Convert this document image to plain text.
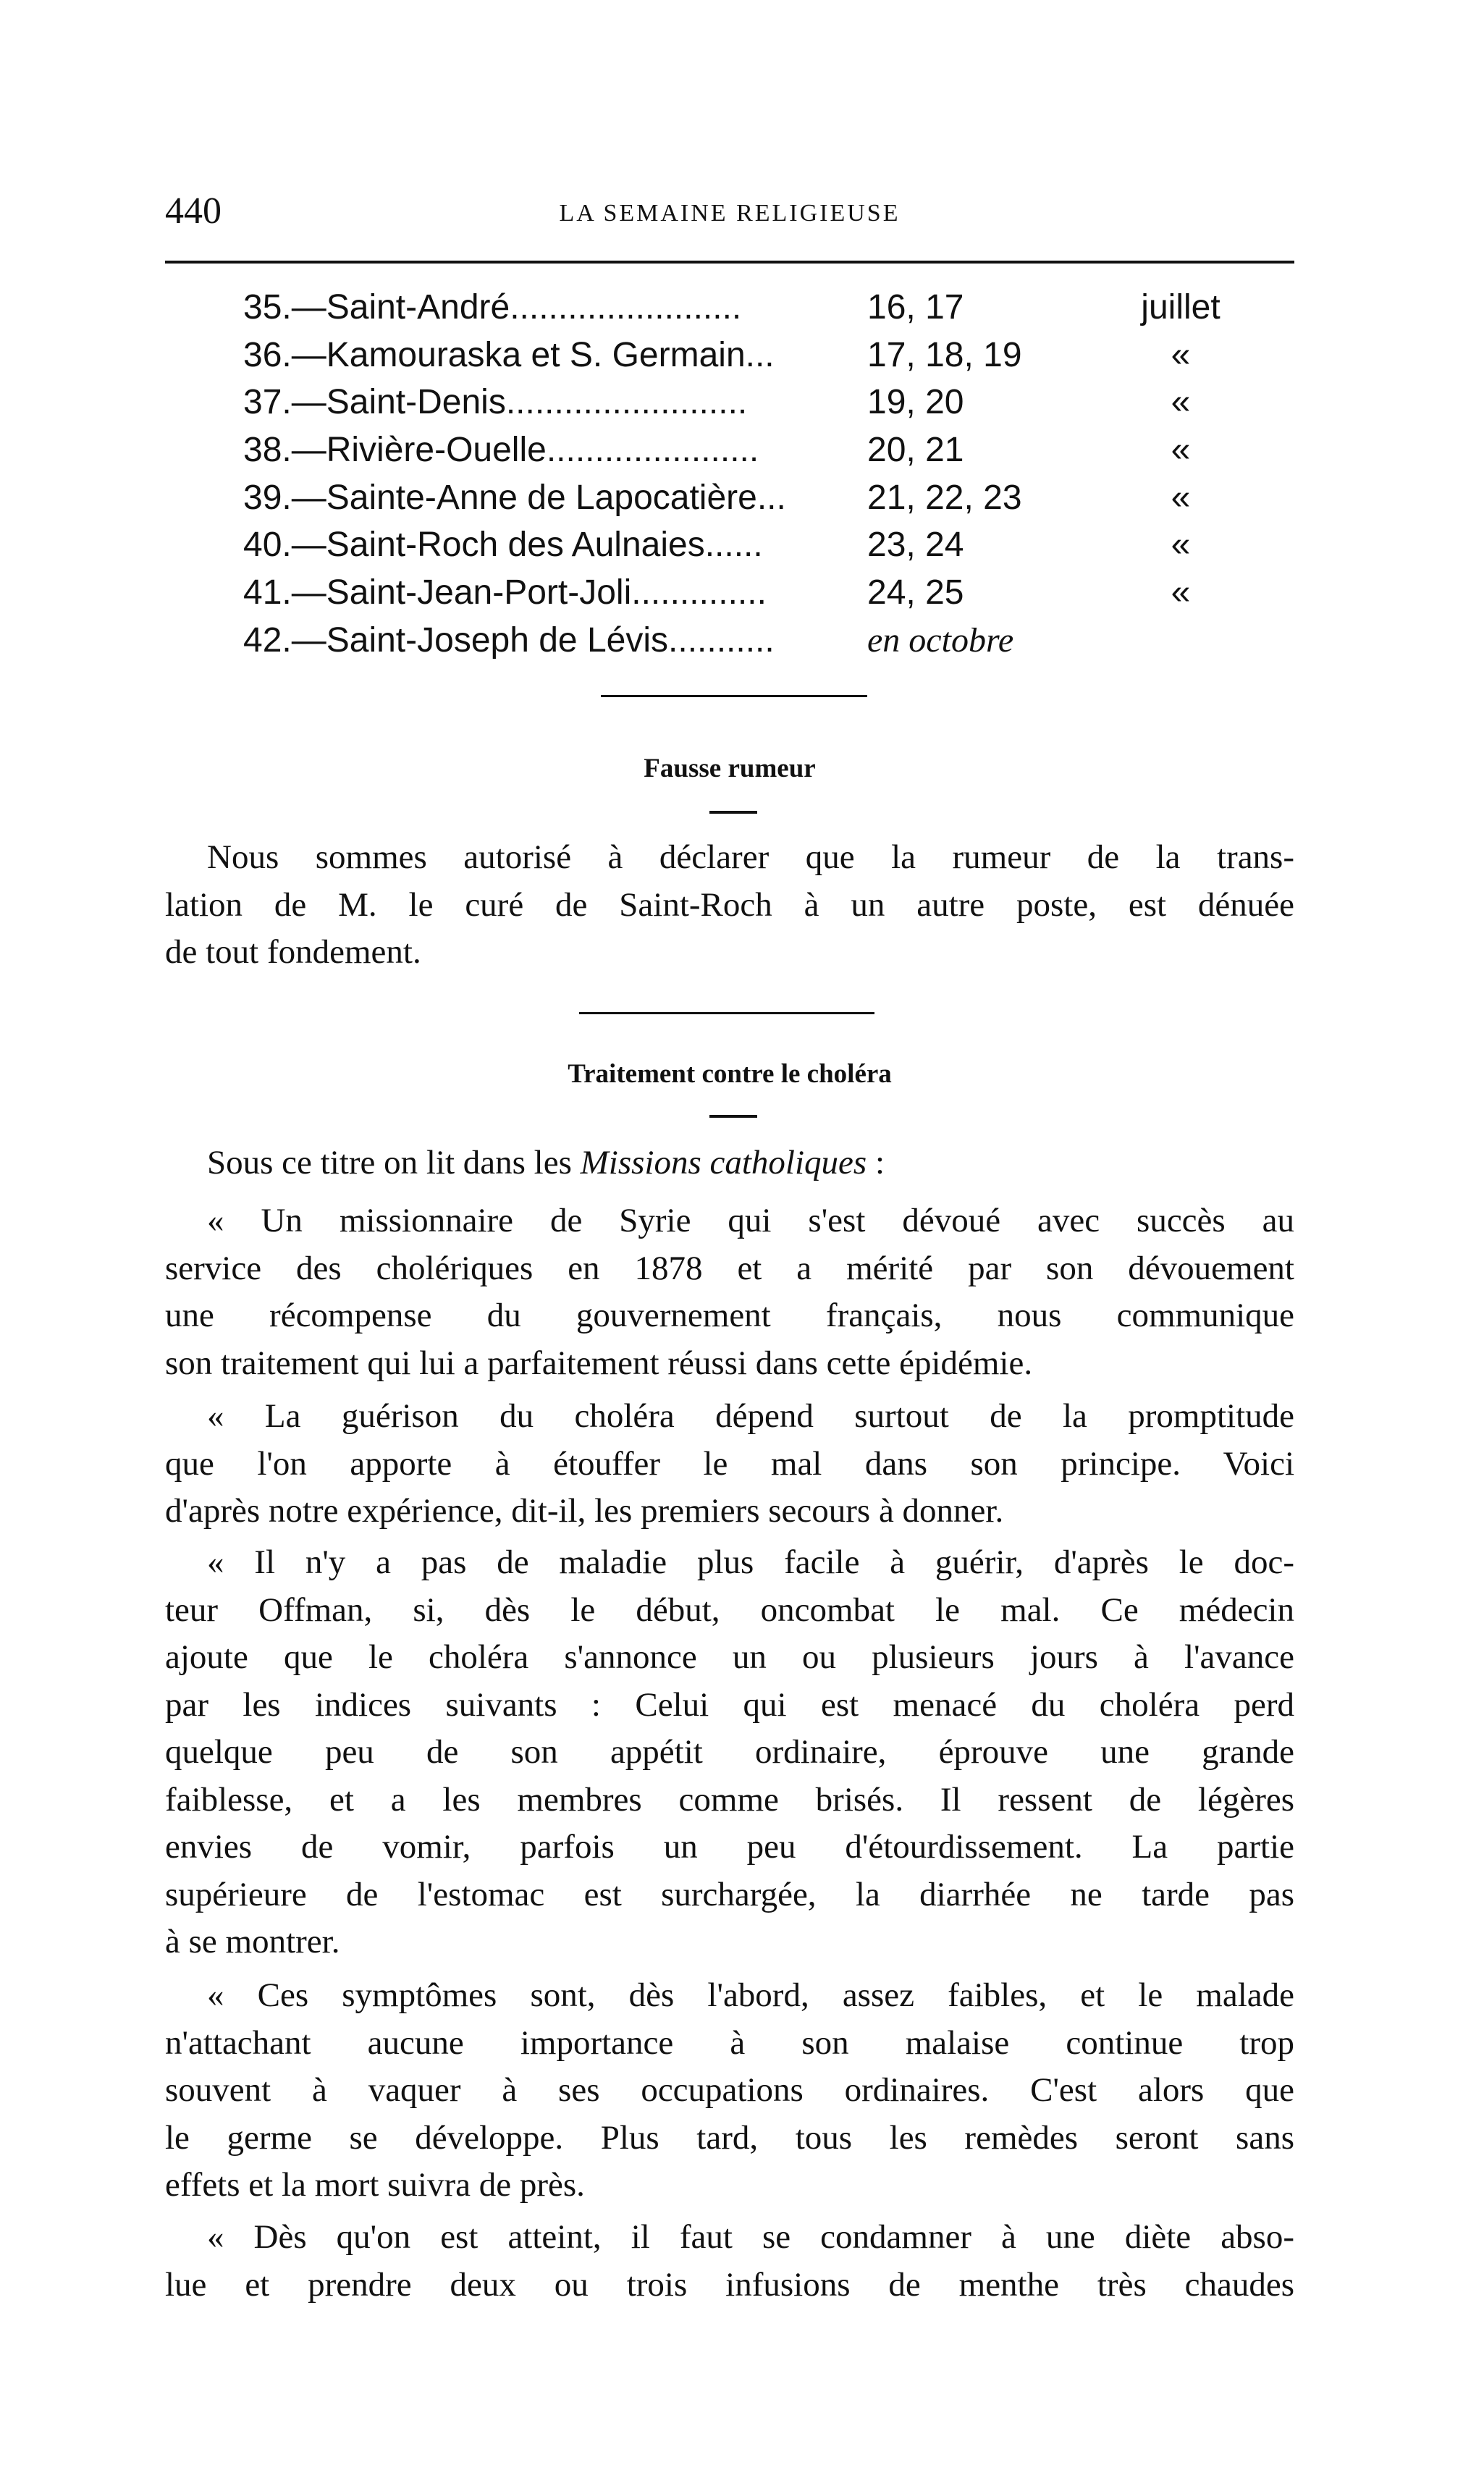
440	LA SEMAINE RELIGIEUSE
35.—Saint-André........................	16, 17	juillet
36.—Kamouraska et S. Germain...	17, 18, 19	«
37.—Saint-Denis.........................	19, 20	«
38.—Rivière-Ouelle......................	20, 21	«
39.—Sainte-Anne de Lapocatière... 21, 22, 23	«
40.—Saint-Roch des Aulnaies......	23, 24	«
41.—Saint-Jean-Port-Joli..............	24, 25	«
42.—Saint-Joseph de Lévis...........	en octobre
Fausse rumeur

Nous sommes autorisé à déclarer que la rumeur de la trans-
lation de M. le curé de Saint-Roch à un autre poste, est dénuée
de tout fondement.

Traitement contre le choléra

Sous ce titre on lit dans les Missions catholiques :

« Un missionnaire de Syrie qui s'est dévoué avec succès au
service des cholériques en 1878 et a mérité par son dévouement
une récompense du gouvernement français, nous communique
son traitement qui lui a parfaitement réussi dans cette épidémie.

« La guérison du choléra dépend surtout de la promptitude
que l'on apporte à étouffer le mal dans son principe. Voici
d'après notre expérience, dit-il, les premiers secours à donner.

« Il n'y a pas de maladie plus facile à guérir, d'après le doc-
teur Offman, si, dès le début, oncombat le mal. Ce médecin
ajoute que le choléra s'annonce un ou plusieurs jours à l'avance
par les indices suivants : Celui qui est menacé du choléra perd
quelque peu de son appétit ordinaire, éprouve une grande
faiblesse, et a les membres comme brisés. Il ressent de légères
envies de vomir, parfois un peu d'étourdissement. La partie
supérieure de l'estomac est surchargée, la diarrhée ne tarde pas
à se montrer.

« Ces symptômes sont, dès l'abord, assez faibles, et le malade
n'attachant aucune importance à son malaise continue trop
souvent à vaquer à ses occupations ordinaires. C'est alors que
le germe se développe. Plus tard, tous les remèdes seront sans
effets et la mort suivra de près.

« Dès qu'on est atteint, il faut se condamner à une diète abso-
lue et prendre deux ou trois infusions de menthe très chaudes
